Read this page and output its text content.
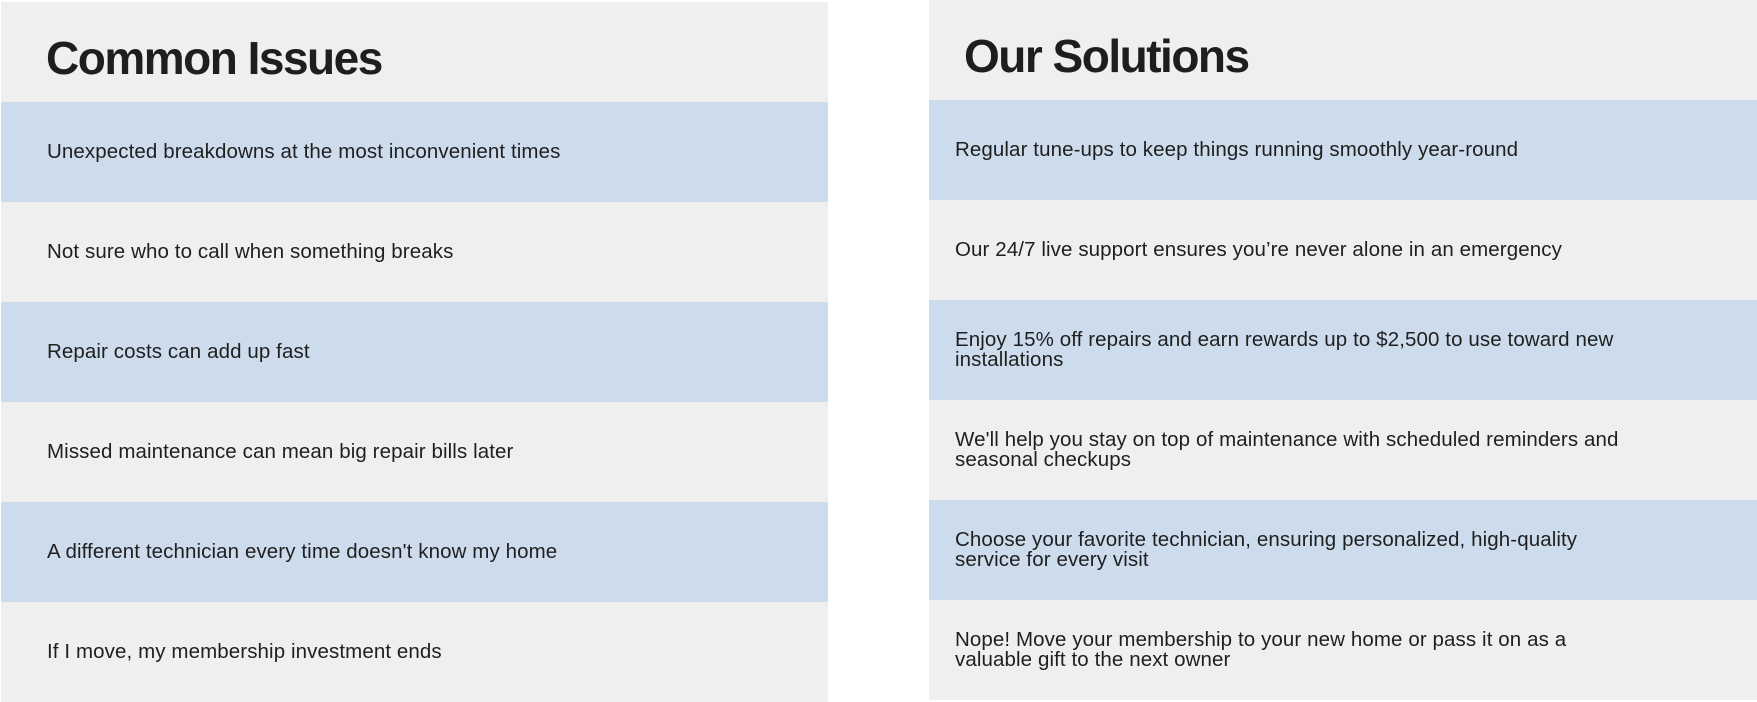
Common Issues
Unexpected breakdowns at the most inconvenient times
Not sure who to call when something breaks
Repair costs can add up fast
Missed maintenance can mean big repair bills later
A different technician every time doesn't know my home
If I move, my membership investment ends
Our Solutions
Regular tune-ups to keep things running smoothly year-round
Our 24/7 live support ensures you’re never alone in an emergency
Enjoy 15% off repairs and earn rewards up to $2,500 to use toward new installations
We'll help you stay on top of maintenance with scheduled reminders and seasonal checkups
Choose your favorite technician, ensuring personalized, high-quality service for every visit
Nope! Move your membership to your new home or pass it on as a valuable gift to the next owner
